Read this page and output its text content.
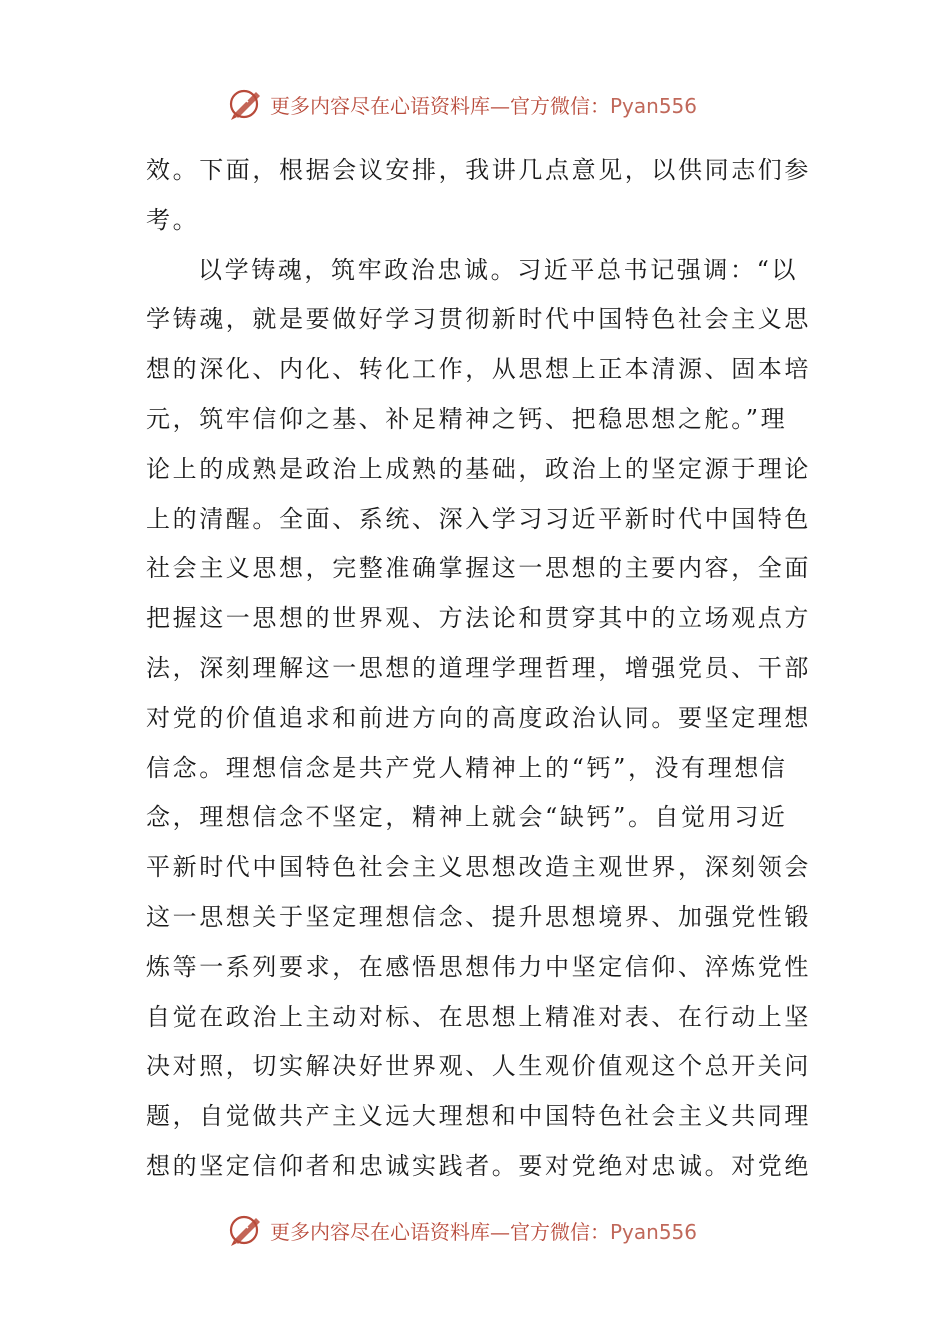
更多内容尽在心语资料库—官方微信：Pyan556
效。下面，根据会议安排，我讲几点意见，以供同志们参
考。
以学铸魂，筑牢政治忠诚。习近平总书记强调：“以
学铸魂，就是要做好学习贯彻新时代中国特色社会主义思
想的深化、内化、转化工作，从思想上正本清源、固本培
元，筑牢信仰之基、补足精神之钙、把稳思想之舵。”理
论上的成熟是政治上成熟的基础，政治上的坚定源于理论
上的清醒。全面、系统、深入学习习近平新时代中国特色
社会主义思想，完整准确掌握这一思想的主要内容，全面
把握这一思想的世界观、方法论和贯穿其中的立场观点方
法，深刻理解这一思想的道理学理哲理，增强党员、干部
对党的价值追求和前进方向的高度政治认同。要坚定理想
信念。理想信念是共产党人精神上的“钙”，没有理想信
念，理想信念不坚定，精神上就会“缺钙”。自觉用习近
平新时代中国特色社会主义思想改造主观世界，深刻领会
这一思想关于坚定理想信念、提升思想境界、加强党性锻
炼等一系列要求，在感悟思想伟力中坚定信仰、淬炼党性
自觉在政治上主动对标、在思想上精准对表、在行动上坚
决对照，切实解决好世界观、人生观价值观这个总开关问
题，自觉做共产主义远大理想和中国特色社会主义共同理
想的坚定信仰者和忠诚实践者。要对党绝对忠诚。对党绝
更多内容尽在心语资料库—官方微信：Pyan556
